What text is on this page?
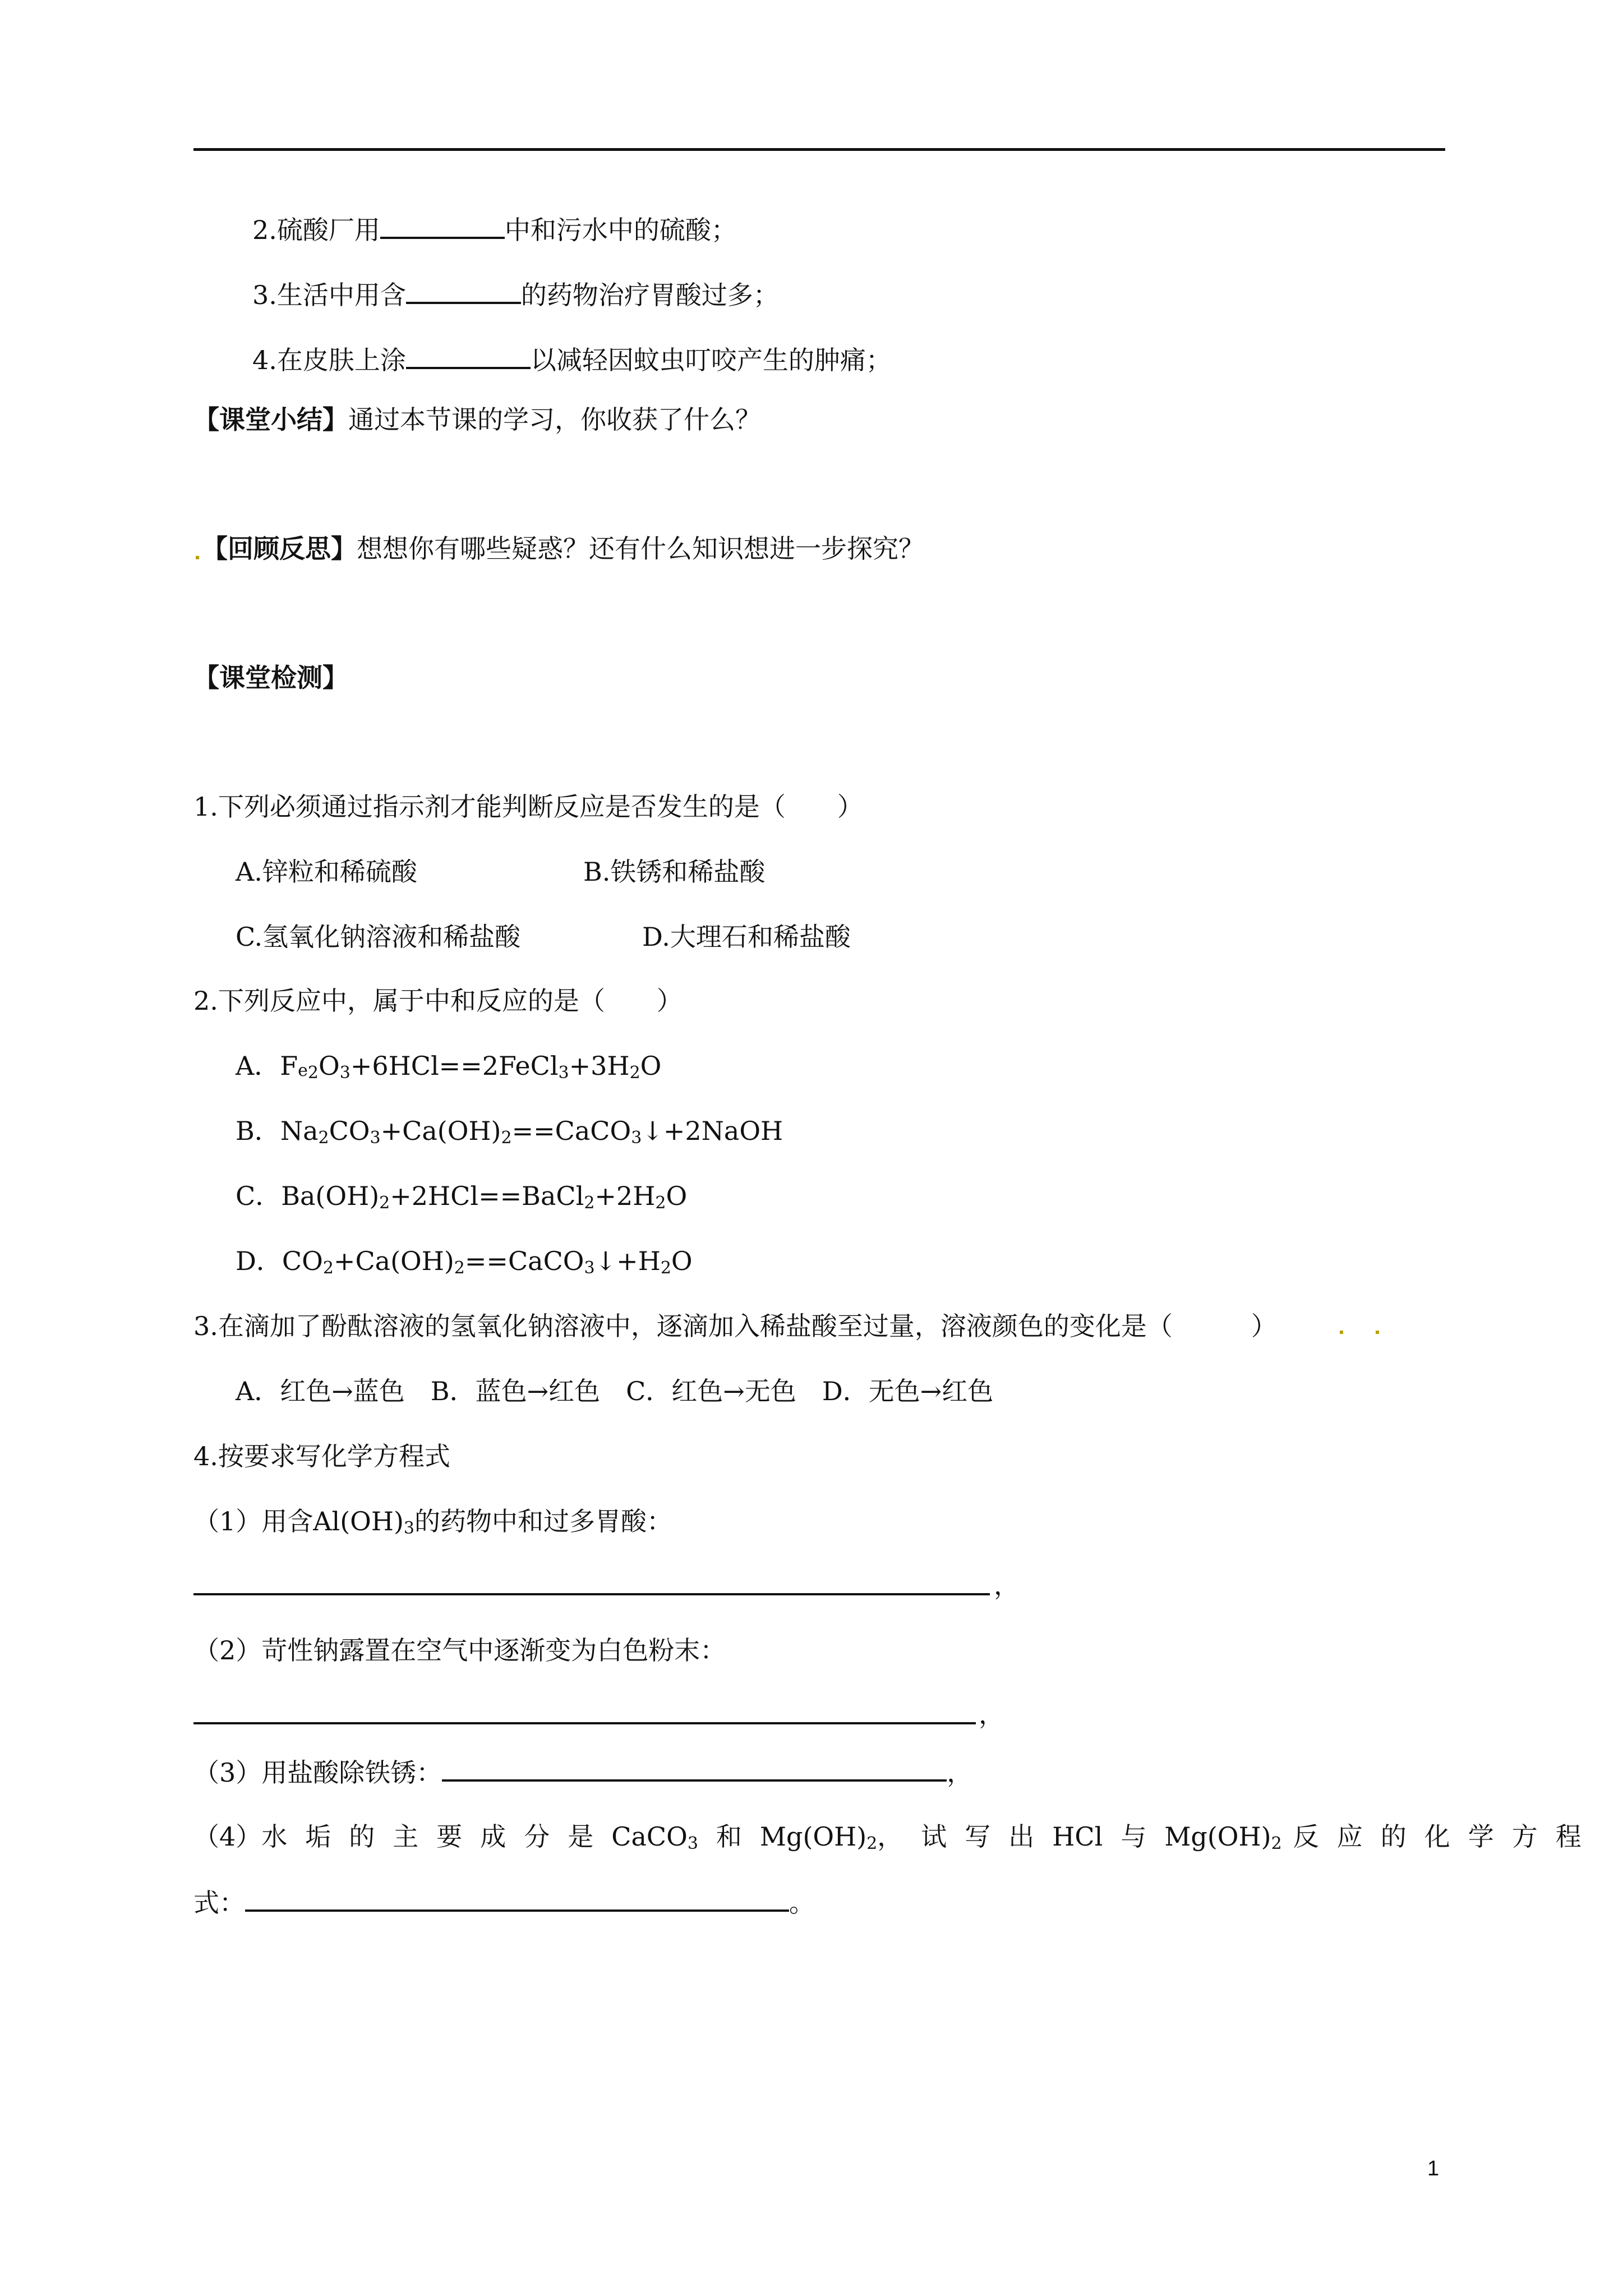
2.硫酸厂用	中和污水中的硫酸；
3.生活中用含	的药物治疗胃酸过多；
4.在皮肤上涂	以减轻因蚊虫叮咬产生的肿痛；
【课堂小结】通过本节课的学习，你收获了什么？
【回顾反思】想想你有哪些疑惑？还有什么知识想进一步探究？
【课堂检测】
1.下列必须通过指示剂才能判断反应是否发生的是（　　）
A.锌粒和稀硫酸	B.铁锈和稀盐酸
C.氢氧化钠溶液和稀盐酸	D.大理石和稀盐酸
2.下列反应中，属于中和反应的是（　　）
A．$Fe_2O_3+6HCl==2FeCl_3+3H_2O$
B．$Na_2CO_3+Ca(OH)_2==CaCO_3↓+2NaOH$
C．$Ba(OH)_2+2HCl==BaCl_2+2H_2O$
D．$CO_2+Ca(OH)_2==CaCO_3↓+H_2O$
3.在滴加了酚酞溶液的氢氧化钠溶液中，逐滴加入稀盐酸至过量，溶液颜色的变化是（	）
A．红色→蓝色　B．蓝色→红色　C．红色→无色　D．无色→红色
4.按要求写化学方程式
（1）用含$Al(OH)_3$的药物中和过多胃酸：
，
（2）苛性钠露置在空气中逐渐变为白色粉末：
，
（3）用盐酸除铁锈：	，
（4）水 垢 的 主 要 成 分 是 CaCO$_3$ 和 $Mg(OH)_2$， 试 写 出 HCl 与 $Mg(OH)_2$ 反 应 的 化 学 方 程
式：	。
1
